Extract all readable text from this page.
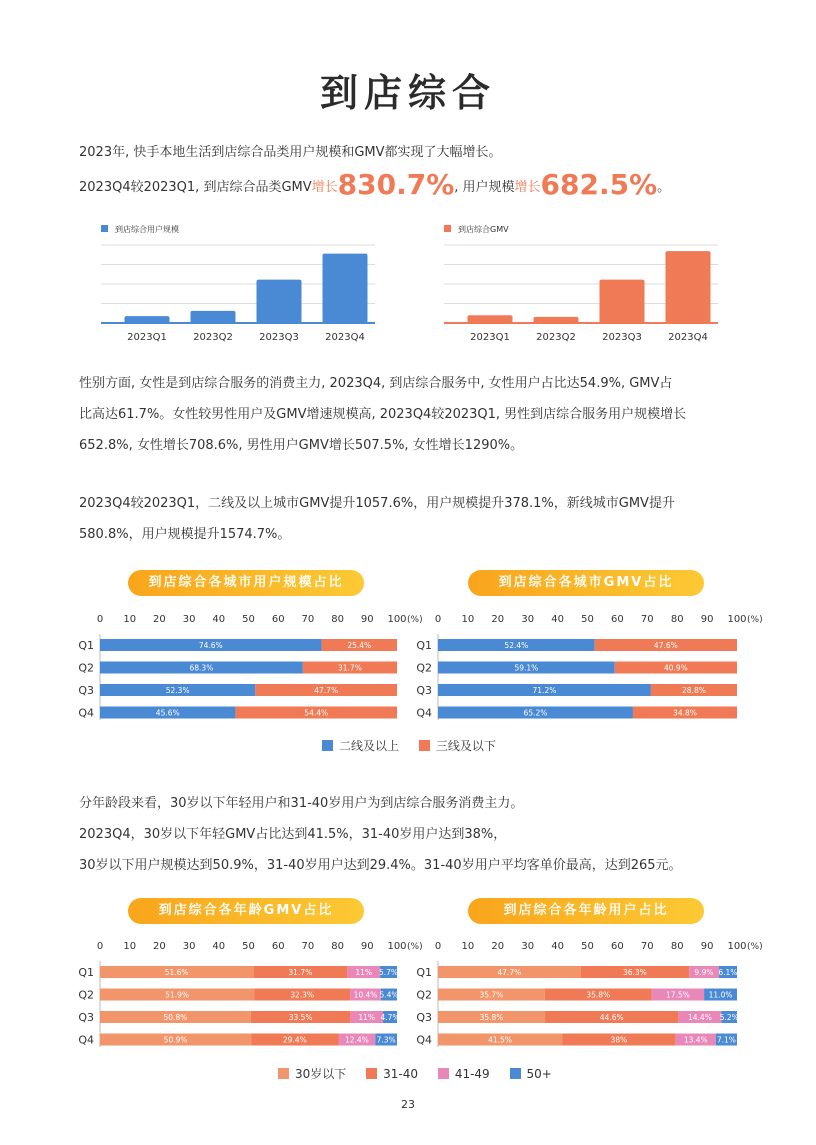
到店综合
2023年, 快手本地生活到店综合品类用户规模和GMV都实现了大幅增长。
2023Q4较2023Q1, 到店综合品类GMV增长830.7%, 用户规模增长682.5%。
到店综合用户规模
2023Q1	2023Q2	2023Q3	2023Q4
到店综合GMV
2023Q1	2023Q2	2023Q3	2023Q4
性别方面, 女性是到店综合服务的消费主力, 2023Q4, 到店综合服务中, 女性用户占比达54.9%, GMV占
比高达61.7%。女性较男性用户及GMV增速规模高, 2023Q4较2023Q1, 男性到店综合服务用户规模增长
652.8%, 女性增长708.6%, 男性用户GMV增长507.5%, 女性增长1290%。
2023Q4较2023Q1，二线及以上城市GMV提升1057.6%，用户规模提升378.1%，新线城市GMV提升
580.8%，用户规模提升1574.7%。
到店综合各城市用户规模占比	到店综合各城市GMV占比
0 10 20 30 40 50 60 70 80 90 100 (%)
Q1	74.6%	25.4%
Q2	68.3%	31.7%
Q3	52.3%	47.7%
Q4	45.6%	54.4%
0 10 20 30 40 50 60 70 80 90 100 (%)
Q1	52.4%	47.6%
Q2	59.1%	40.9%
Q3	71.2%	28.8%
Q4	65.2%	34.8%
二线及以上	三线及以下
分年龄段来看，30岁以下年轻用户和31-40岁用户为到店综合服务消费主力。
2023Q4，30岁以下年轻GMV占比达到41.5%，31-40岁用户达到38%，
30岁以下用户规模达到50.9%，31-40岁用户达到29.4%。31-40岁用户平均客单价最高，达到265元。
到店综合各年龄GMV占比	到店综合各年龄用户占比
0 10 20 30 40 50 60 70 80 90 100 (%)
Q1	51.6%	31.7%	11% 5.7%
Q2	51.9%	32.3%	10.4% 5.4%
Q3	50.8%	33.5%	11% 4.7%
Q4	50.9%	29.4%	12.4% 7.3%
0 10 20 30 40 50 60 70 80 90 100 (%)
Q1	47.7%	36.3%	9.9% 6.1%
Q2	35.7%	35.8%	17.5%	11.0%
Q3	35.8%	44.6%	14.4% 5.2%
Q4	41.5%	38%	13.4% 7.1%
30岁以下	31-40	41-49	50+
23
